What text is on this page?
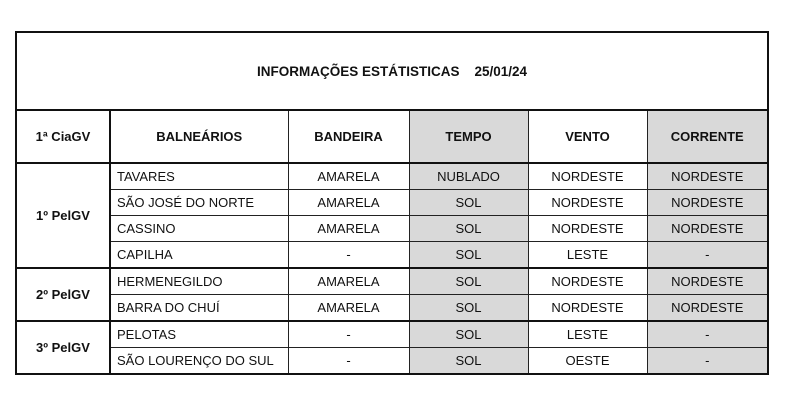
INFORMAÇÕES ESTÁTISTICAS 25/01/24					
1ª CiaGV	BALNEÁRIOS	BANDEIRA	TEMPO	VENTO	CORRENTE
1º PelGV	TAVARES	AMARELA	NUBLADO	NORDESTE	NORDESTE
	SÃO JOSÉ DO NORTE	AMARELA	SOL	NORDESTE	NORDESTE
	CASSINO	AMARELA	SOL	NORDESTE	NORDESTE
	CAPILHA	-	SOL	LESTE	-
2º PelGV	HERMENEGILDO	AMARELA	SOL	NORDESTE	NORDESTE
	BARRA DO CHUÍ	AMARELA	SOL	NORDESTE	NORDESTE
3º PelGV	PELOTAS	-	SOL	LESTE	-
	SÃO LOURENÇO DO SUL	-	SOL	OESTE	-
